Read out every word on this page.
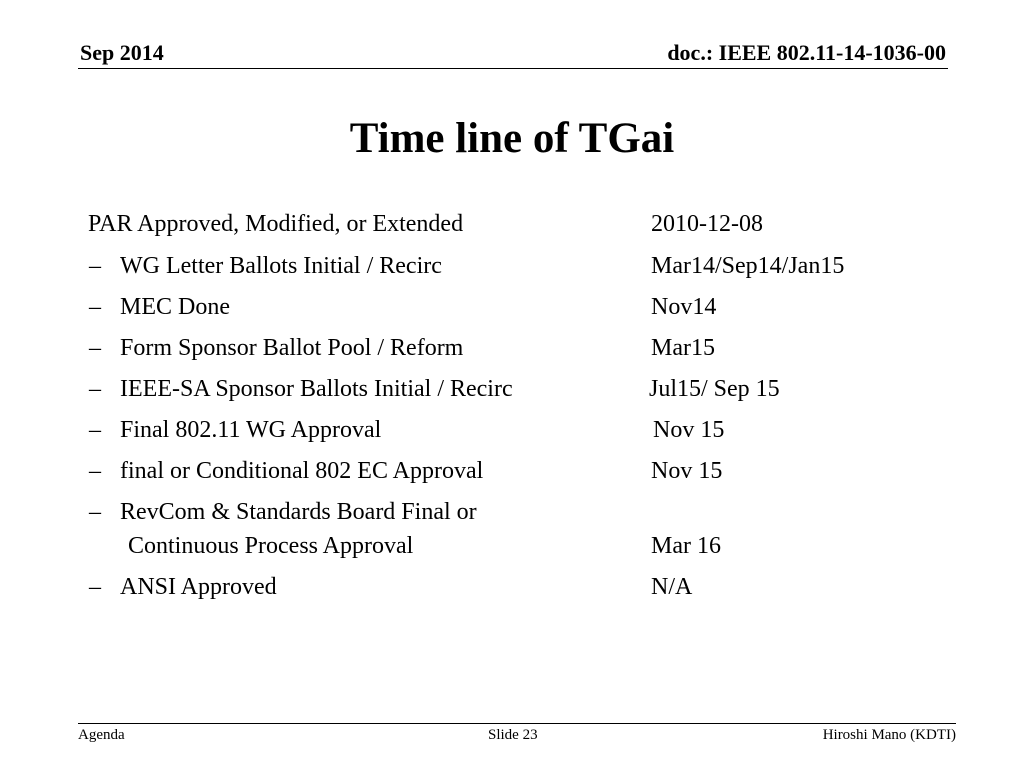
Sep 2014	doc.: IEEE 802.11-14-1036-00
Time line of TGai
PAR Approved, Modified, or Extended	2010-12-08
– WG Letter Ballots Initial / Recirc	Mar14/Sep14/Jan15
– MEC Done	Nov14
– Form Sponsor Ballot Pool / Reform	Mar15
– IEEE-SA Sponsor Ballots Initial / Recirc	Jul15/ Sep 15
– Final 802.11 WG Approval	Nov 15
– final or Conditional 802 EC Approval	Nov 15
– RevCom & Standards Board Final or
Continuous Process Approval	Mar 16
– ANSI Approved	N/A
Agenda	Slide 23	Hiroshi Mano (KDTI)
